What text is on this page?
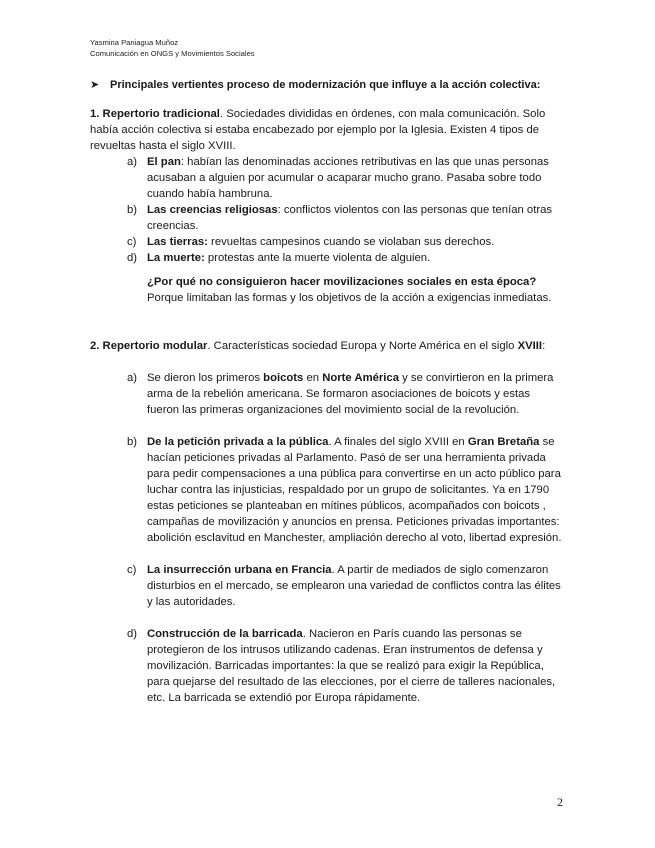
Yasmina Paniagua Muñoz
Comunicación en ONGS y Movimientos Sociales
➤ Principales vertientes proceso de modernización que influye a la acción colectiva:

1. Repertorio tradicional. Sociedades divididas en órdenes, con mala comunicación. Solo había acción colectiva si estaba encabezado por ejemplo por la Iglesia. Existen 4 tipos de revueltas hasta el siglo XVIII.

a) El pan: habían las denominadas acciones retributivas en las que unas personas acusaban a alguien por acumular o acaparar mucho grano. Pasaba sobre todo cuando había hambruna.
b) Las creencias religiosas: conflictos violentos con las personas que tenían otras creencias.
c) Las tierras: revueltas campesinos cuando se violaban sus derechos.
d) La muerte: protestas ante la muerte violenta de alguien.
¿Por qué no consiguieron hacer movilizaciones sociales en esta época?
Porque limitaban las formas y los objetivos de la acción a exigencias inmediatas.

2. Repertorio modular. Características sociedad Europa y Norte América en el siglo XVIII:

a) Se dieron los primeros boicots en Norte América y se convirtieron en la primera arma de la rebelión americana. Se formaron asociaciones de boicots y estas fueron las primeras organizaciones del movimiento social de la revolución.
b) De la petición privada a la pública. A finales del siglo XVIII en Gran Bretaña se hacían peticiones privadas al Parlamento. Pasó de ser una herramienta privada para pedir compensaciones a una pública para convertirse en un acto público para luchar contra las injusticias, respaldado por un grupo de solicitantes. Ya en 1790 estas peticiones se planteaban en mítines públicos, acompañados con boicots , campañas de movilización y anuncios en prensa. Peticiones privadas importantes: abolición esclavitud en Manchester, ampliación derecho al voto, libertad expresión.
c) La insurrección urbana en Francia. A partir de mediados de siglo comenzaron disturbios en el mercado, se emplearon una variedad de conflictos contra las élites y las autoridades.
d) Construcción de la barricada. Nacieron en París cuando las personas se protegieron de los intrusos utilizando cadenas. Eran instrumentos de defensa y movilización. Barricadas importantes: la que se realizó para exigir la República, para quejarse del resultado de las elecciones, por el cierre de talleres nacionales, etc. La barricada se extendió por Europa rápidamente.
2
